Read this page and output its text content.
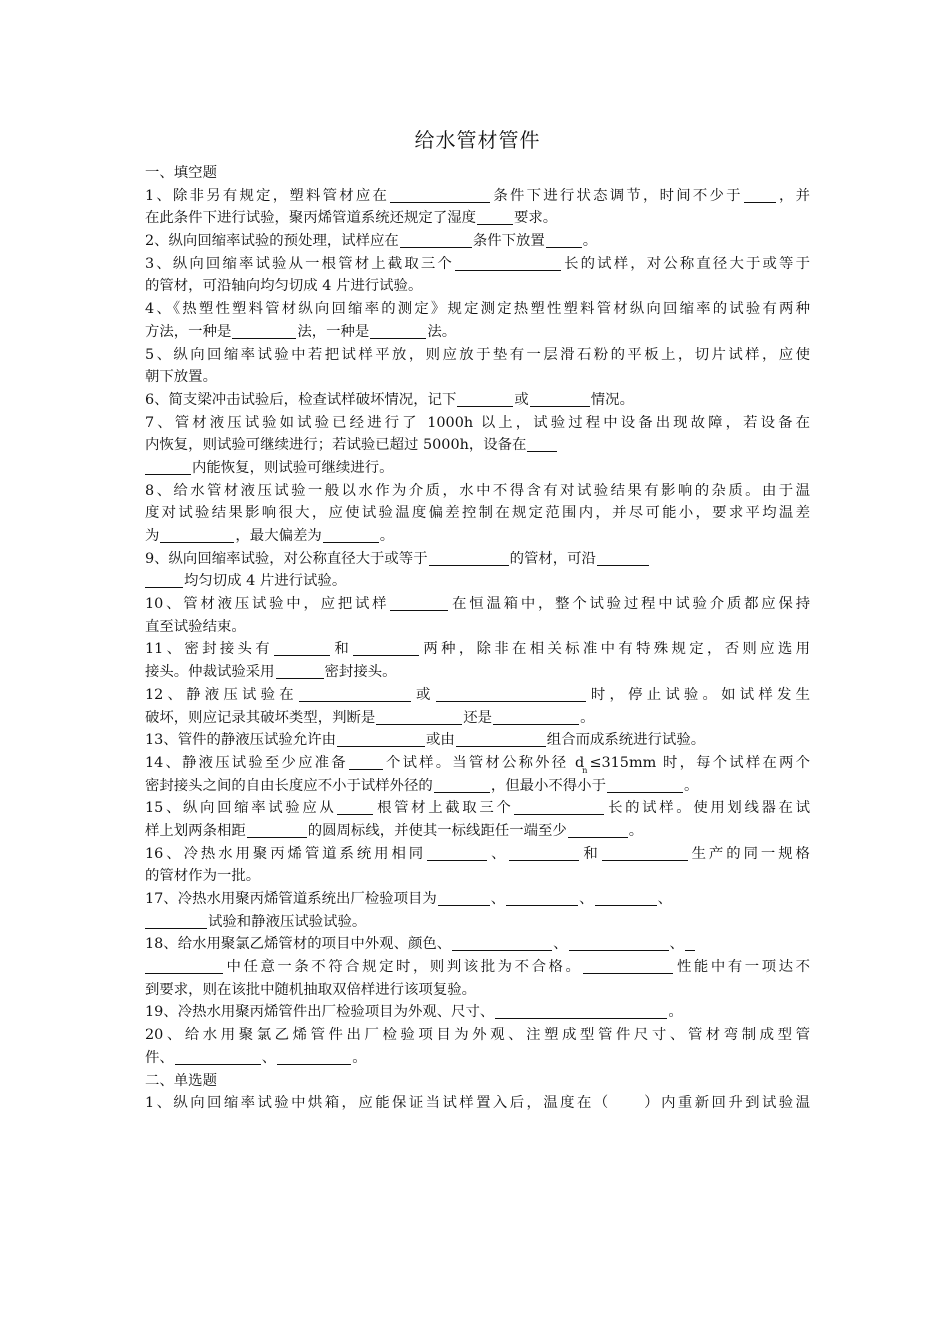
给水管材管件
一、填空题
1、除非另有规定，塑料管材应在	条件下进行状态调节，时间不少于 ，并
在此条件下进行试验，聚丙烯管道系统还规定了湿度	要求。
2、纵向回缩率试验的预处理，试样应在	条件下放置	。
3、纵向回缩率试验从一根管材上截取三个	长的试样，对公称直径大于或等于
的管材，可沿轴向均匀切成 4 片进行试验。
4、《热塑性塑料管材纵向回缩率的测定》规定测定热塑性塑料管材纵向回缩率的试验有两种
方法，一种是	法，一种是	法。
5、纵向回缩率试验中若把试样平放，则应放于垫有一层滑石粉的平板上，切片试样，应使
朝下放置。
6、简支梁冲击试验后，检查试样破坏情况，记下	或	情况。
7、管材液压试验如试验已经进行了 1000h 以上，试验过程中设备出现故障，若设备在
内恢复，则试验可继续进行；若试验已超过 5000h，设备在
内能恢复，则试验可继续进行。
8、给水管材液压试验一般以水作为介质，水中不得含有对试验结果有影响的杂质。由于温
度对试验结果影响很大，应使试验温度偏差控制在规定范围内，并尽可能小，要求平均温差
为	，最大偏差为	。
9、纵向回缩率试验，对公称直径大于或等于	的管材，可沿
均匀切成 4 片进行试验。
10、管材液压试验中，应把试样	在恒温箱中，整个试验过程中试验介质都应保持
直至试验结束。
11、密封接头有	和	两种，除非在相关标准中有特殊规定，否则应选用
接头。仲裁试验采用	密封接头。
12、静液压试验在	或	时，停止试验。如试样发生
破坏，则应记录其破坏类型，判断是	还是	。
13、管件的静液压试验允许由	或由	组合而成系统进行试验。
14、静液压试验至少应准备	个试样。当管材公称外径 $d_n \le 315mm$ 时，每个试样在两个
密封接头之间的自由长度应不小于试样外径的	，但最小不得小于	。
15、纵向回缩率试验应从	根管材上截取三个	长的试样。使用划线器在试
样上划两条相距	的圆周标线，并使其一标线距任一端至少	。
16、冷热水用聚丙烯管道系统用相同	、	和	生产的同一规格
的管材作为一批。
17、冷热水用聚丙烯管道系统出厂检验项目为	、	、	、
试验和静液压试验试验。
18、给水用聚氯乙烯管材的项目中外观、颜色、	、	、
中任意一条不符合规定时，则判该批为不合格。	性能中有一项达不
到要求，则在该批中随机抽取双倍样进行该项复验。
19、冷热水用聚丙烯管件出厂检验项目为外观、尺寸、	。
20、给水用聚氯乙烯管件出厂检验项目为外观、注塑成型管件尺寸、管材弯制成型管
件、	、	。
二、单选题
1、纵向回缩率试验中烘箱，应能保证当试样置入后，温度在（　　）内重新回升到试验温
